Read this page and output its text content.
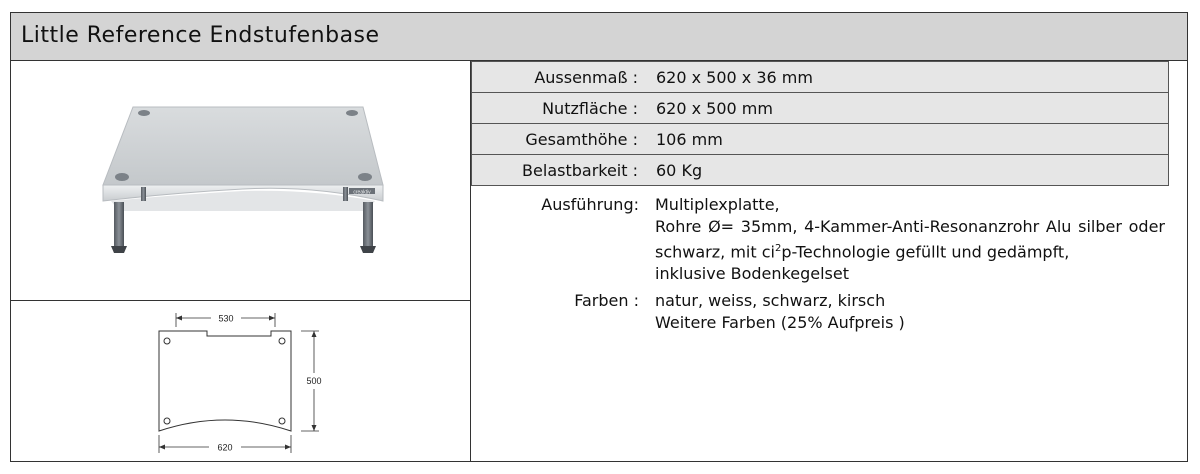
Little Reference Endstufenbase
creaktiv
530
500
620
Aussenmaß : 620 x 500 x 36 mm
Nutzfläche : 620 x 500 mm
Gesamthöhe : 106 mm
Belastbarkeit : 60 Kg
Ausführung: Multiplexplatte,
Rohre Ø= 35mm, 4-Kammer-Anti-Resonanzrohr Alu silber oder
schwarz, mit $ci^2p$-Technologie gefüllt und gedämpft,
inklusive Bodenkegelset
Farben : natur, weiss, schwarz, kirsch
Weitere Farben (25% Aufpreis )
